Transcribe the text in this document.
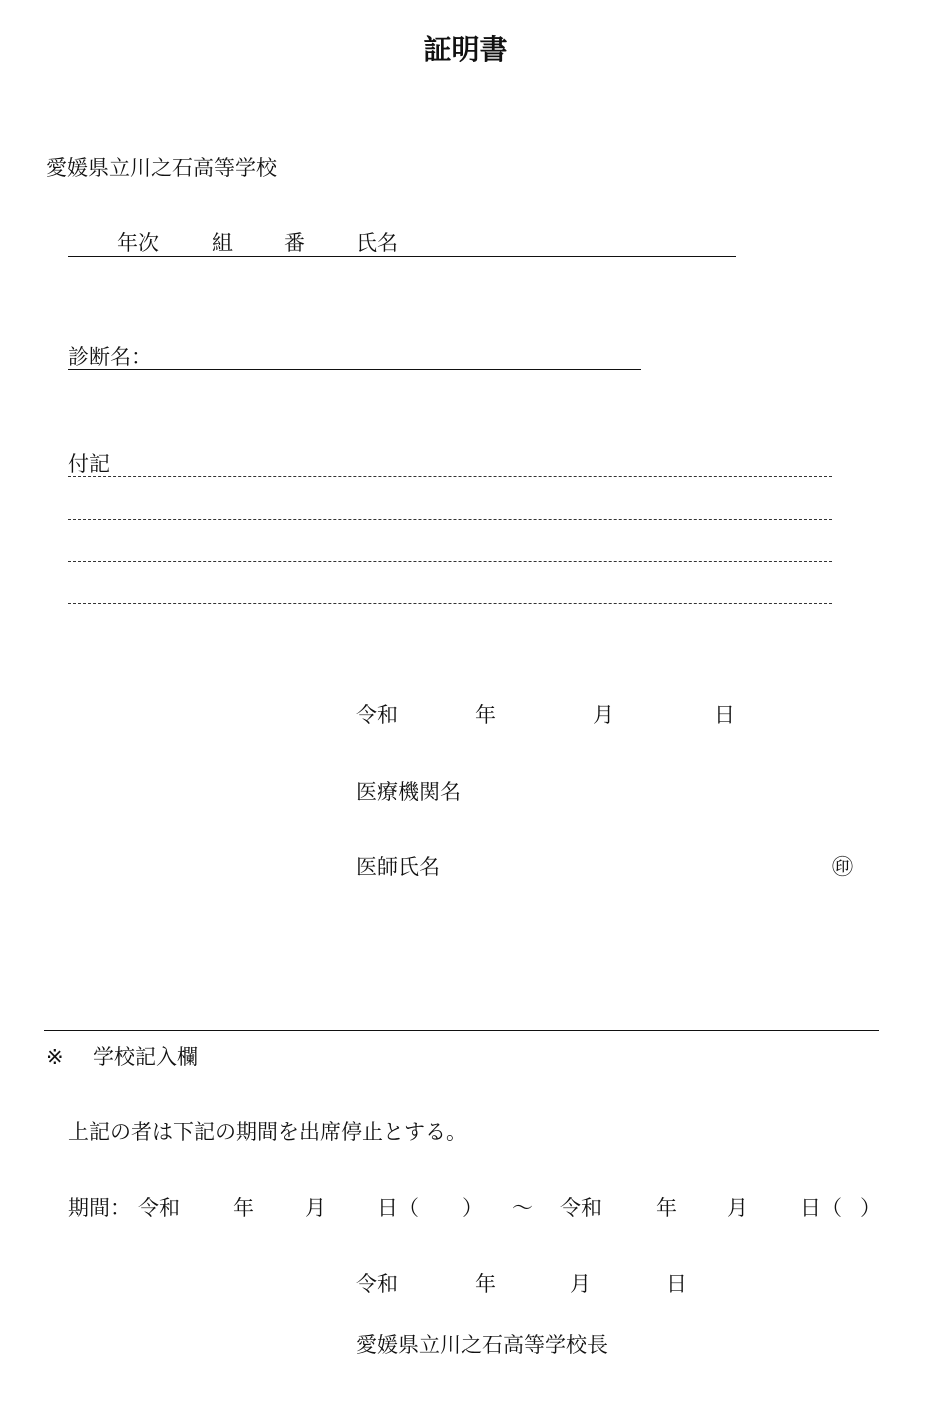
証明書
愛媛県立川之石高等学校
年次	組 番 氏名
診断名：
付記
令和	年	月	日
医療機関名
医師氏名	㊞
※ 学校記入欄
上記の者は下記の期間を出席停止とする。
期間： 令和	年 月 日（ ） ～ 令和	年 月 日（ ）
令和	年	月	日
愛媛県立川之石高等学校長
